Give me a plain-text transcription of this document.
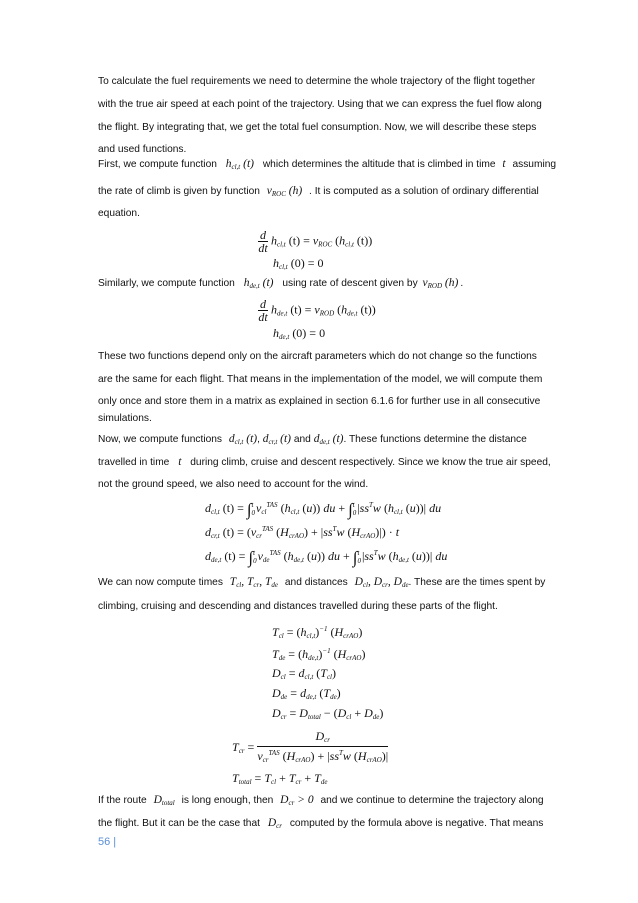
To calculate the fuel requirements we need to determine the whole trajectory of the flight together
with the true air speed at each point of the trajectory. Using that we can express the fuel flow along
the flight. By integrating that, we get the total fuel consumption. Now, we will describe these steps
and used functions.
First, we compute function $h_{cl,t}$ (t) which determines the altitude that is climbed in time t assuming
the rate of climb is given by function $v_{ROC}$ (h) . It is computed as a solution of ordinary differential
equation.
$\frac{d}{dt} h_{cl,t}$ $(t) = v_{ROC}$ ($h_{cl,t}$ (t))
$h_{cl,t}$ (0) = 0
Similarly, we compute function $h_{de,t}$ (t) using rate of descent given by $v_{ROD}$ (h) .
$\frac{d}{dt} h_{de,t}$ $(t) = v_{ROD}$ ($h_{de,t}$ (t))
$h_{de,t}$ (0) = 0
These two functions depend only on the aircraft parameters which do not change so the functions
are the same for each flight. That means in the implementation of the model, we will compute them
only once and store them in a matrix as explained in section 6.1.6 for further use in all consecutive
simulations.
Now, we compute functions $d_{cl,t}$ (t), $d_{cr,t}$ (t) and $d_{de,t}$ (t). These functions determine the distance
travelled in time t during climb, cruise and descent respectively. Since we know the true air speed,
not the ground speed, we also need to account for the wind.
$d_{cl,t}$ (t) = ∫ t
0 $v_{cl}^{TAS}$ ($h_{cl,t}$ (u)) du + ∫ t
0 $|ss^Tw$ ($h_{cl,t}$ (u))| du
$d_{cr,t}$ $(t) = (v_{cr}^{TAS}$ $(H_{crAO}) + |ss^Tw$ $(H_{crAO})|) \cdot t$
$d_{de,t}$ (t) = ∫ t
0 $v_{de}^{TAS}$ ($h_{de,t}$ (u)) du + ∫ t
0 $|ss^Tw$ ($h_{de,t}$ (u))| du
We can now compute times $T_{cl}$, $T_{cr}$, $T_{de}$ and distances $D_{cl}$, $D_{cr}$, $D_{de}$. These are the times spent by
climbing, cruising and descending and distances travelled during these parts of the flight.
$T_{cl} = (h_{cl,t})^{-1}$ $(H_{crAO})$
$T_{de} = (h_{de,t})^{-1}$ $(H_{crAO})$
$D_{cl} = d_{cl,t}$ $(T_{cl})$
$D_{de} = d_{de,t}$ $(T_{de})$
$D_{cr} = D_{total} - (D_{cl} + D_{de})$
$T_{cr} = \frac{D_{cr}}{v_{cr}^{TAS} (H_{crAO}) + |ss^Tw (H_{crAO})|}$
$T_{total} = T_{cl} + T_{cr} + T_{de}$
If the route $D_{total}$ is long enough, then $D_{cr} > 0$ and we continue to determine the trajectory along
the flight. But it can be the case that $D_{cr}$ computed by the formula above is negative. That means
56 |
